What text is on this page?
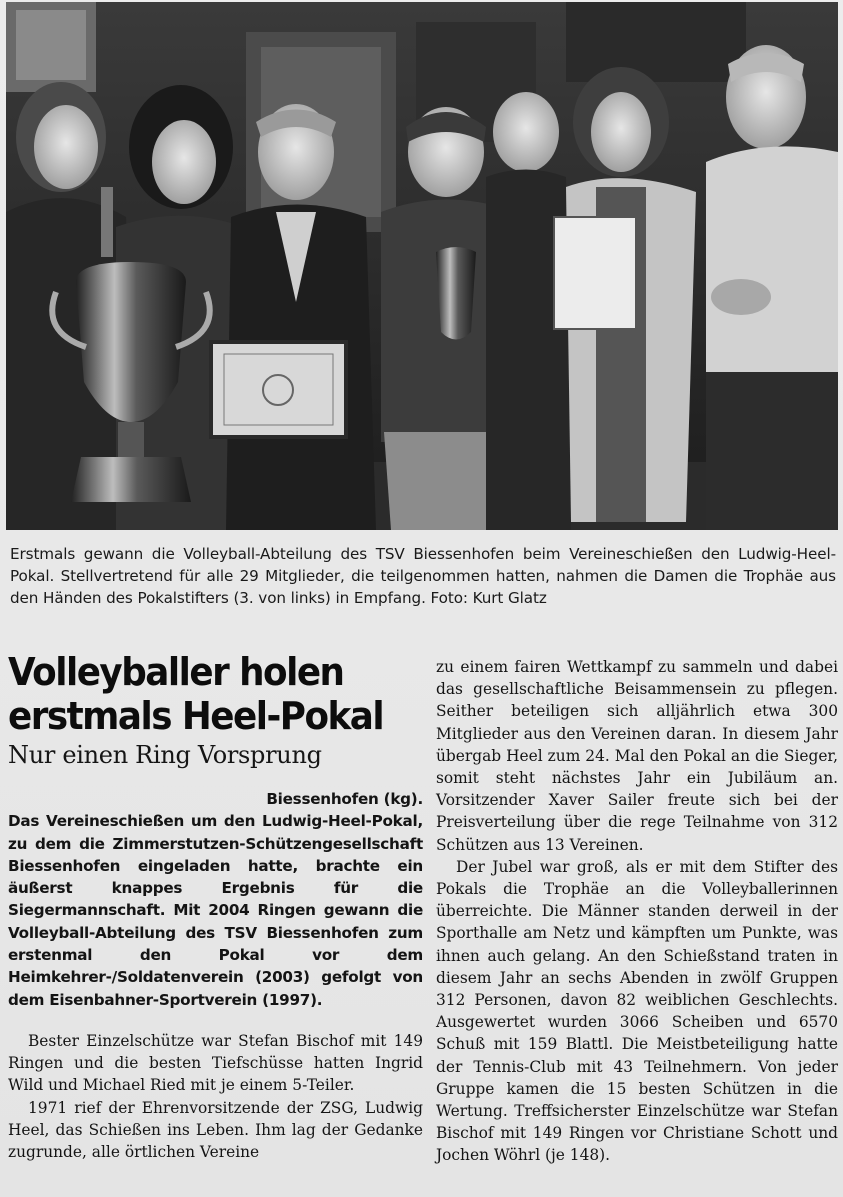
Erstmals gewann die Volleyball-Abteilung des TSV Biessenhofen beim Vereineschießen den Ludwig-Heel-Pokal. Stellvertretend für alle 29 Mitglieder, die teilgenommen hatten, nahmen die Damen die Trophäe aus den Händen des Pokalstifters (3. von links) in Empfang. Foto: Kurt Glatz
Volleyballer holen
erstmals Heel-Pokal
Nur einen Ring Vorsprung
Biessenhofen (kg).

Das Vereineschießen um den Ludwig-Heel-Pokal, zu dem die Zimmerstutzen-Schützengesellschaft Biessenhofen eingeladen hatte, brachte ein äußerst knappes Ergebnis für die Siegermannschaft. Mit 2004 Ringen gewann die Volleyball-Abteilung des TSV Biessenhofen zum erstenmal den Pokal vor dem Heimkehrer-/Soldatenverein (2003) gefolgt von dem Eisenbahner-Sportverein (1997).

Bester Einzelschütze war Stefan Bischof mit 149 Ringen und die besten Tiefschüsse hatten Ingrid Wild und Michael Ried mit je einem 5-Teiler.

1971 rief der Ehrenvorsitzende der ZSG, Ludwig Heel, das Schießen ins Leben. Ihm lag der Gedanke zugrunde, alle örtlichen Vereine

zu einem fairen Wettkampf zu sammeln und dabei das gesellschaftliche Beisammensein zu pflegen. Seither beteiligen sich alljährlich etwa 300 Mitglieder aus den Vereinen daran. In diesem Jahr übergab Heel zum 24. Mal den Pokal an die Sieger, somit steht nächstes Jahr ein Jubiläum an. Vorsitzender Xaver Sailer freute sich bei der Preisverteilung über die rege Teilnahme von 312 Schützen aus 13 Vereinen.

Der Jubel war groß, als er mit dem Stifter des Pokals die Trophäe an die Volleyballerinnen überreichte. Die Männer standen derweil in der Sporthalle am Netz und kämpften um Punkte, was ihnen auch gelang. An den Schießstand traten in diesem Jahr an sechs Abenden in zwölf Gruppen 312 Personen, davon 82 weiblichen Geschlechts. Ausgewertet wurden 3066 Scheiben und 6570 Schuß mit 159 Blattl. Die Meistbeteiligung hatte der Tennis-Club mit 43 Teilnehmern. Von jeder Gruppe kamen die 15 besten Schützen in die Wertung. Treffsicherster Einzelschütze war Stefan Bischof mit 149 Ringen vor Christiane Schott und Jochen Wöhrl (je 148).
